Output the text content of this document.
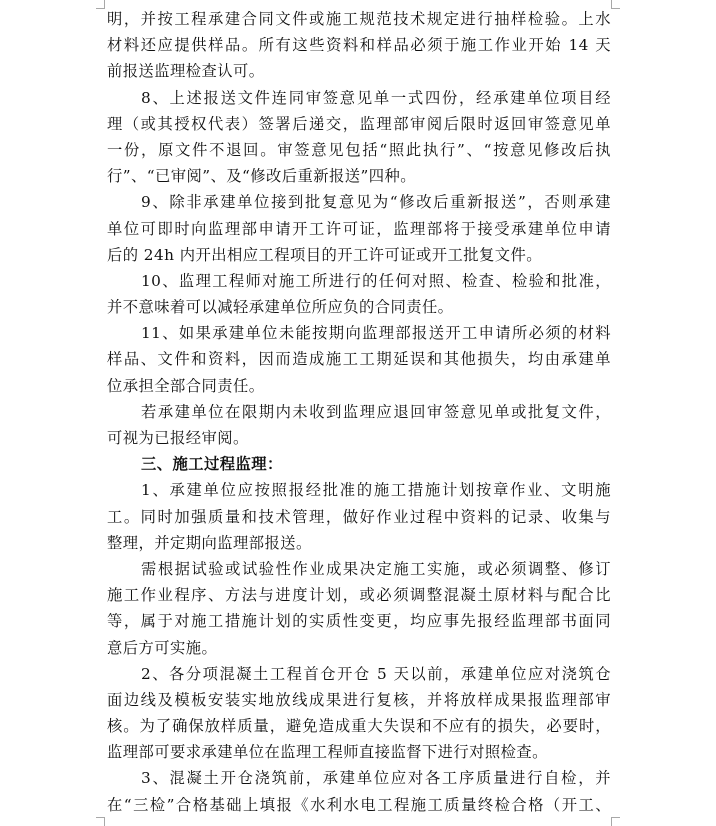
明，并按工程承建合同文件或施工规范技术规定进行抽样检验。上水
材料还应提供样品。所有这些资料和样品必须于施工作业开始 14 天
前报送监理检查认可。
8、上述报送文件连同审签意见单一式四份，经承建单位项目经
理（或其授权代表）签署后递交，监理部审阅后限时返回审签意见单
一份，原文件不退回。审签意见包括“照此执行”、“按意见修改后执
行”、“已审阅”、及“修改后重新报送”四种。
9、除非承建单位接到批复意见为“修改后重新报送”，否则承建
单位可即时向监理部申请开工许可证，监理部将于接受承建单位申请
后的 24h 内开出相应工程项目的开工许可证或开工批复文件。
10、监理工程师对施工所进行的任何对照、检查、检验和批准，
并不意味着可以减轻承建单位所应负的合同责任。
11、如果承建单位未能按期向监理部报送开工申请所必须的材料
样品、文件和资料，因而造成施工工期延误和其他损失，均由承建单
位承担全部合同责任。
若承建单位在限期内未收到监理应退回审签意见单或批复文件，
可视为已报经审阅。
三、施工过程监理：
1、承建单位应按照报经批准的施工措施计划按章作业、文明施
工。同时加强质量和技术管理，做好作业过程中资料的记录、收集与
整理，并定期向监理部报送。
需根据试验或试验性作业成果决定施工实施，或必须调整、修订
施工作业程序、方法与进度计划，或必须调整混凝土原材料与配合比
等，属于对施工措施计划的实质性变更，均应事先报经监理部书面同
意后方可实施。
2、各分项混凝土工程首仓开仓 5 天以前，承建单位应对浇筑仓
面边线及模板安装实地放线成果进行复核，并将放样成果报监理部审
核。为了确保放样质量，避免造成重大失误和不应有的损失，必要时，
监理部可要求承建单位在监理工程师直接监督下进行对照检查。
3、混凝土开仓浇筑前，承建单位应对各工序质量进行自检，并
在“三检”合格基础上填报《水利水电工程施工质量终检合格（开工、
